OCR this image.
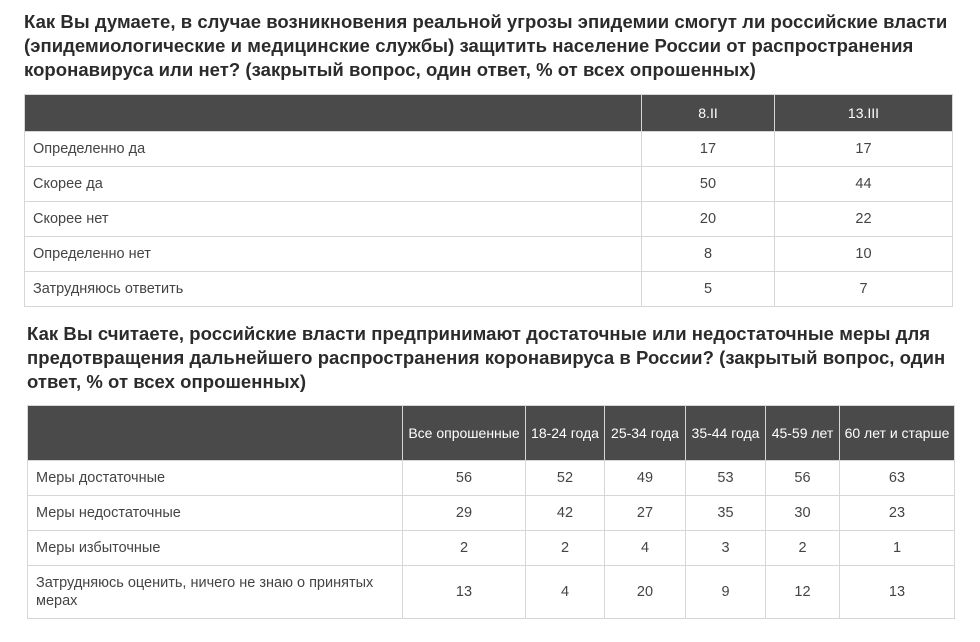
Как Вы думаете, в случае возникновения реальной угрозы эпидемии смогут ли российские власти (эпидемиологические и медицинские службы) защитить население России от распространения коронавируса или нет? (закрытый вопрос, один ответ, % от всех опрошенных)
	8.II	13.III
Определенно да	17	17
Скорее да	50	44
Скорее нет	20	22
Определенно нет	8	10
Затрудняюсь ответить	5	7
Как Вы считаете, российские власти предпринимают достаточные или недостаточные меры для предотвращения дальнейшего распространения коронавируса в России? (закрытый вопрос, один ответ, % от всех опрошенных)
	Все опрошенные	18-24 года	25-34 года	35-44 года	45-59 лет	60 лет и старше
Меры достаточные	56	52	49	53	56	63
Меры недостаточные	29	42	27	35	30	23
Меры избыточные	2	2	4	3	2	1
Затрудняюсь оценить, ничего не знаю о принятых мерах	13	4	20	9	12	13
